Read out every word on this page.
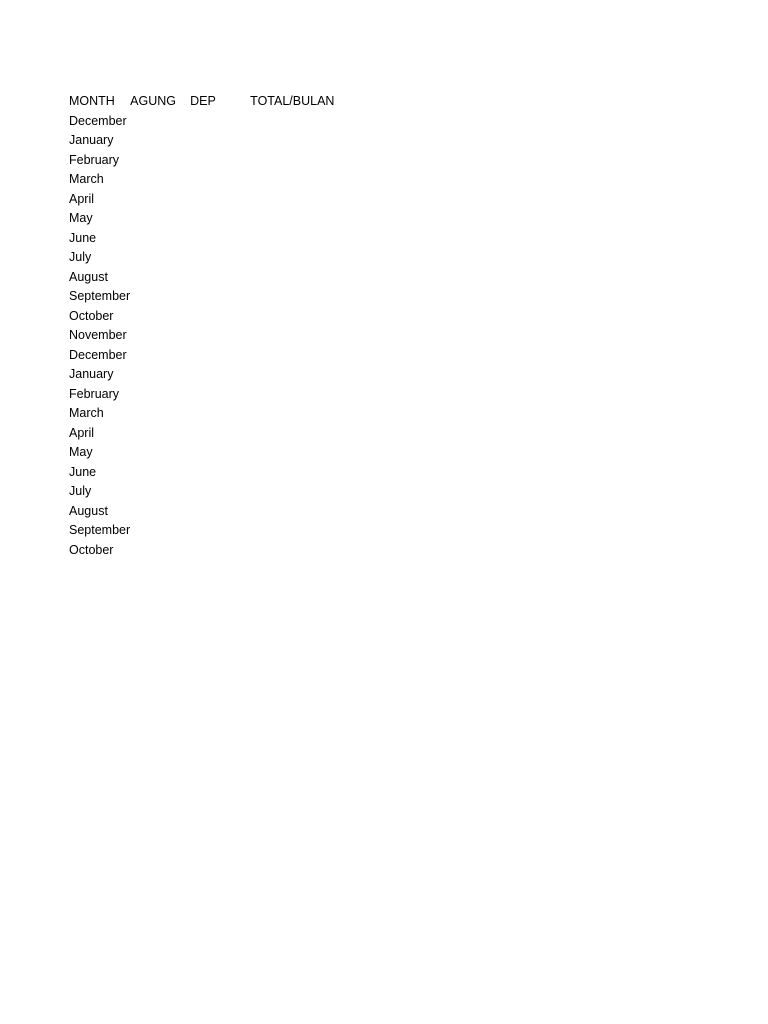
MONTH	AGUNG	DEP	TOTAL/BULAN
December			
January			
February			
March			
April			
May			
June			
July			
August			
September			
October			
November			
December			
January			
February			
March			
April			
May			
June			
July			
August			
September			
October			
